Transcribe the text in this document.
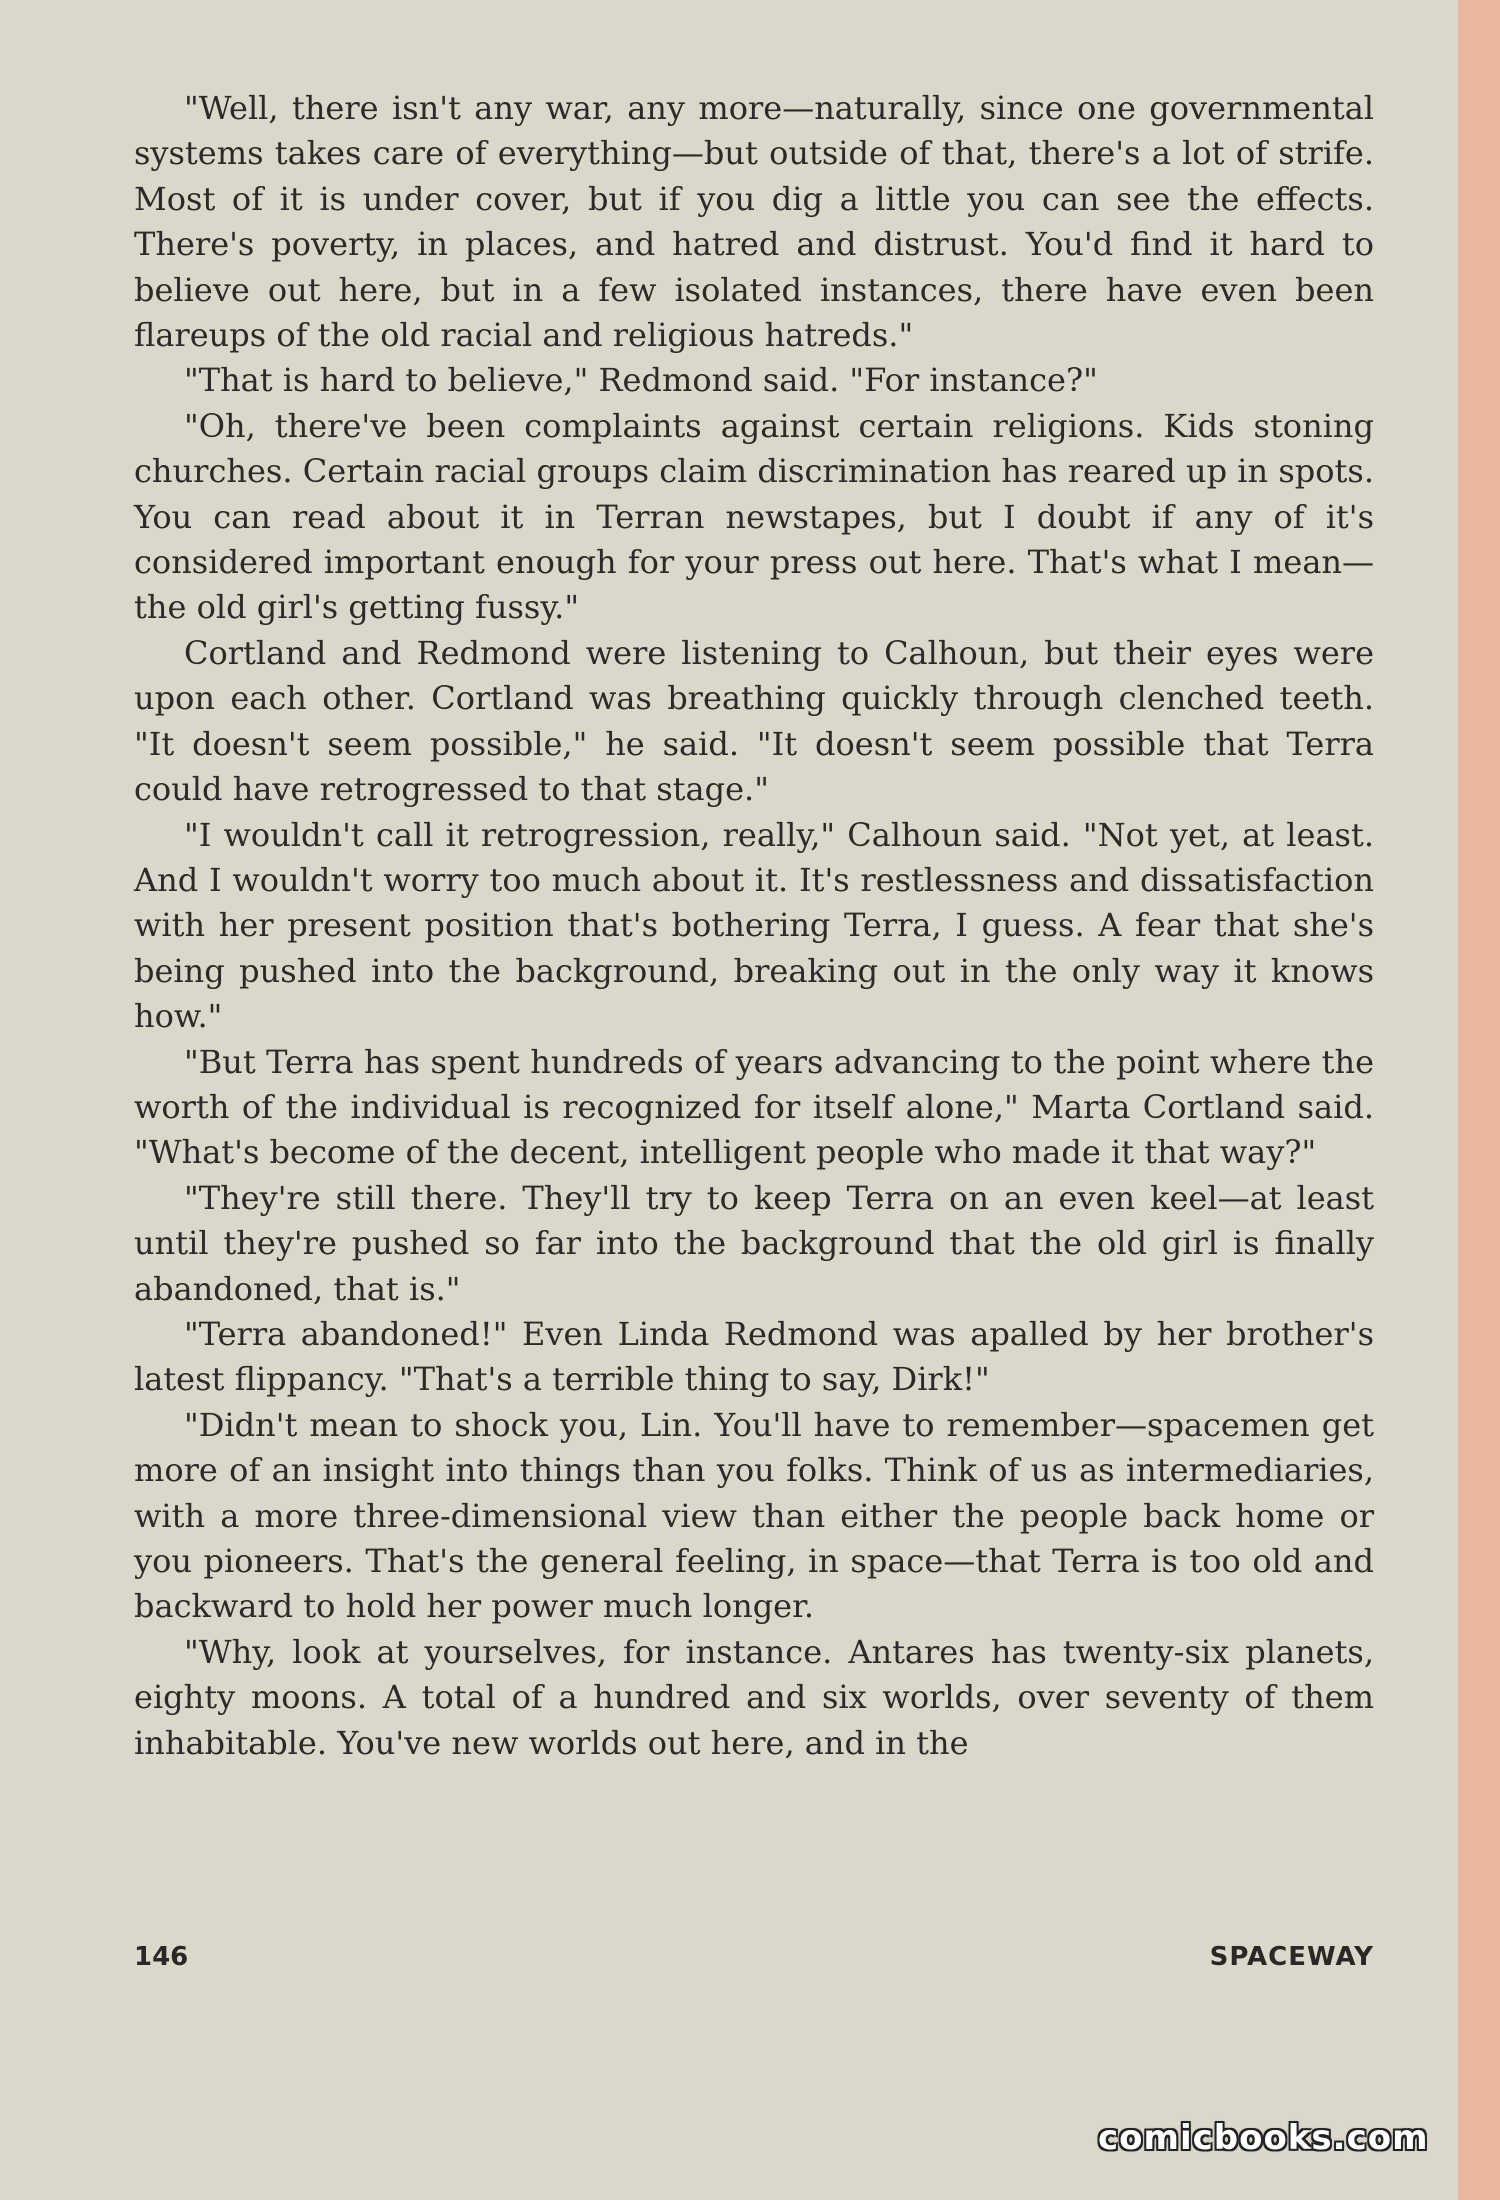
"Well, there isn't any war, any more—naturally, since one governmental systems takes care of everything—but outside of that, there's a lot of strife. Most of it is under cover, but if you dig a little you can see the effects. There's poverty, in places, and hatred and distrust. You'd find it hard to believe out here, but in a few isolated instances, there have even been flareups of the old racial and religious hatreds."

"That is hard to believe," Redmond said. "For instance?"

"Oh, there've been complaints against certain religions. Kids stoning churches. Certain racial groups claim discrimination has reared up in spots. You can read about it in Terran newstapes, but I doubt if any of it's considered important enough for your press out here. That's what I mean—the old girl's getting fussy."

Cortland and Redmond were listening to Calhoun, but their eyes were upon each other. Cortland was breathing quickly through clenched teeth. "It doesn't seem possible," he said. "It doesn't seem possible that Terra could have retrogressed to that stage."

"I wouldn't call it retrogression, really," Calhoun said. "Not yet, at least. And I wouldn't worry too much about it. It's restlessness and dissatisfaction with her present position that's bothering Terra, I guess. A fear that she's being pushed into the background, breaking out in the only way it knows how."

"But Terra has spent hundreds of years advancing to the point where the worth of the individual is recognized for itself alone," Marta Cortland said. "What's become of the decent, intelligent people who made it that way?"

"They're still there. They'll try to keep Terra on an even keel—at least until they're pushed so far into the background that the old girl is finally abandoned, that is."

"Terra abandoned!" Even Linda Redmond was apalled by her brother's latest flippancy. "That's a terrible thing to say, Dirk!"

"Didn't mean to shock you, Lin. You'll have to remember—spacemen get more of an insight into things than you folks. Think of us as intermediaries, with a more three-dimensional view than either the people back home or you pioneers. That's the general feeling, in space—that Terra is too old and backward to hold her power much longer.

"Why, look at yourselves, for instance. Antares has twenty-six planets, eighty moons. A total of a hundred and six worlds, over seventy of them inhabitable. You've new worlds out here, and in the

146	SPACEWAY
comicbooks.com
